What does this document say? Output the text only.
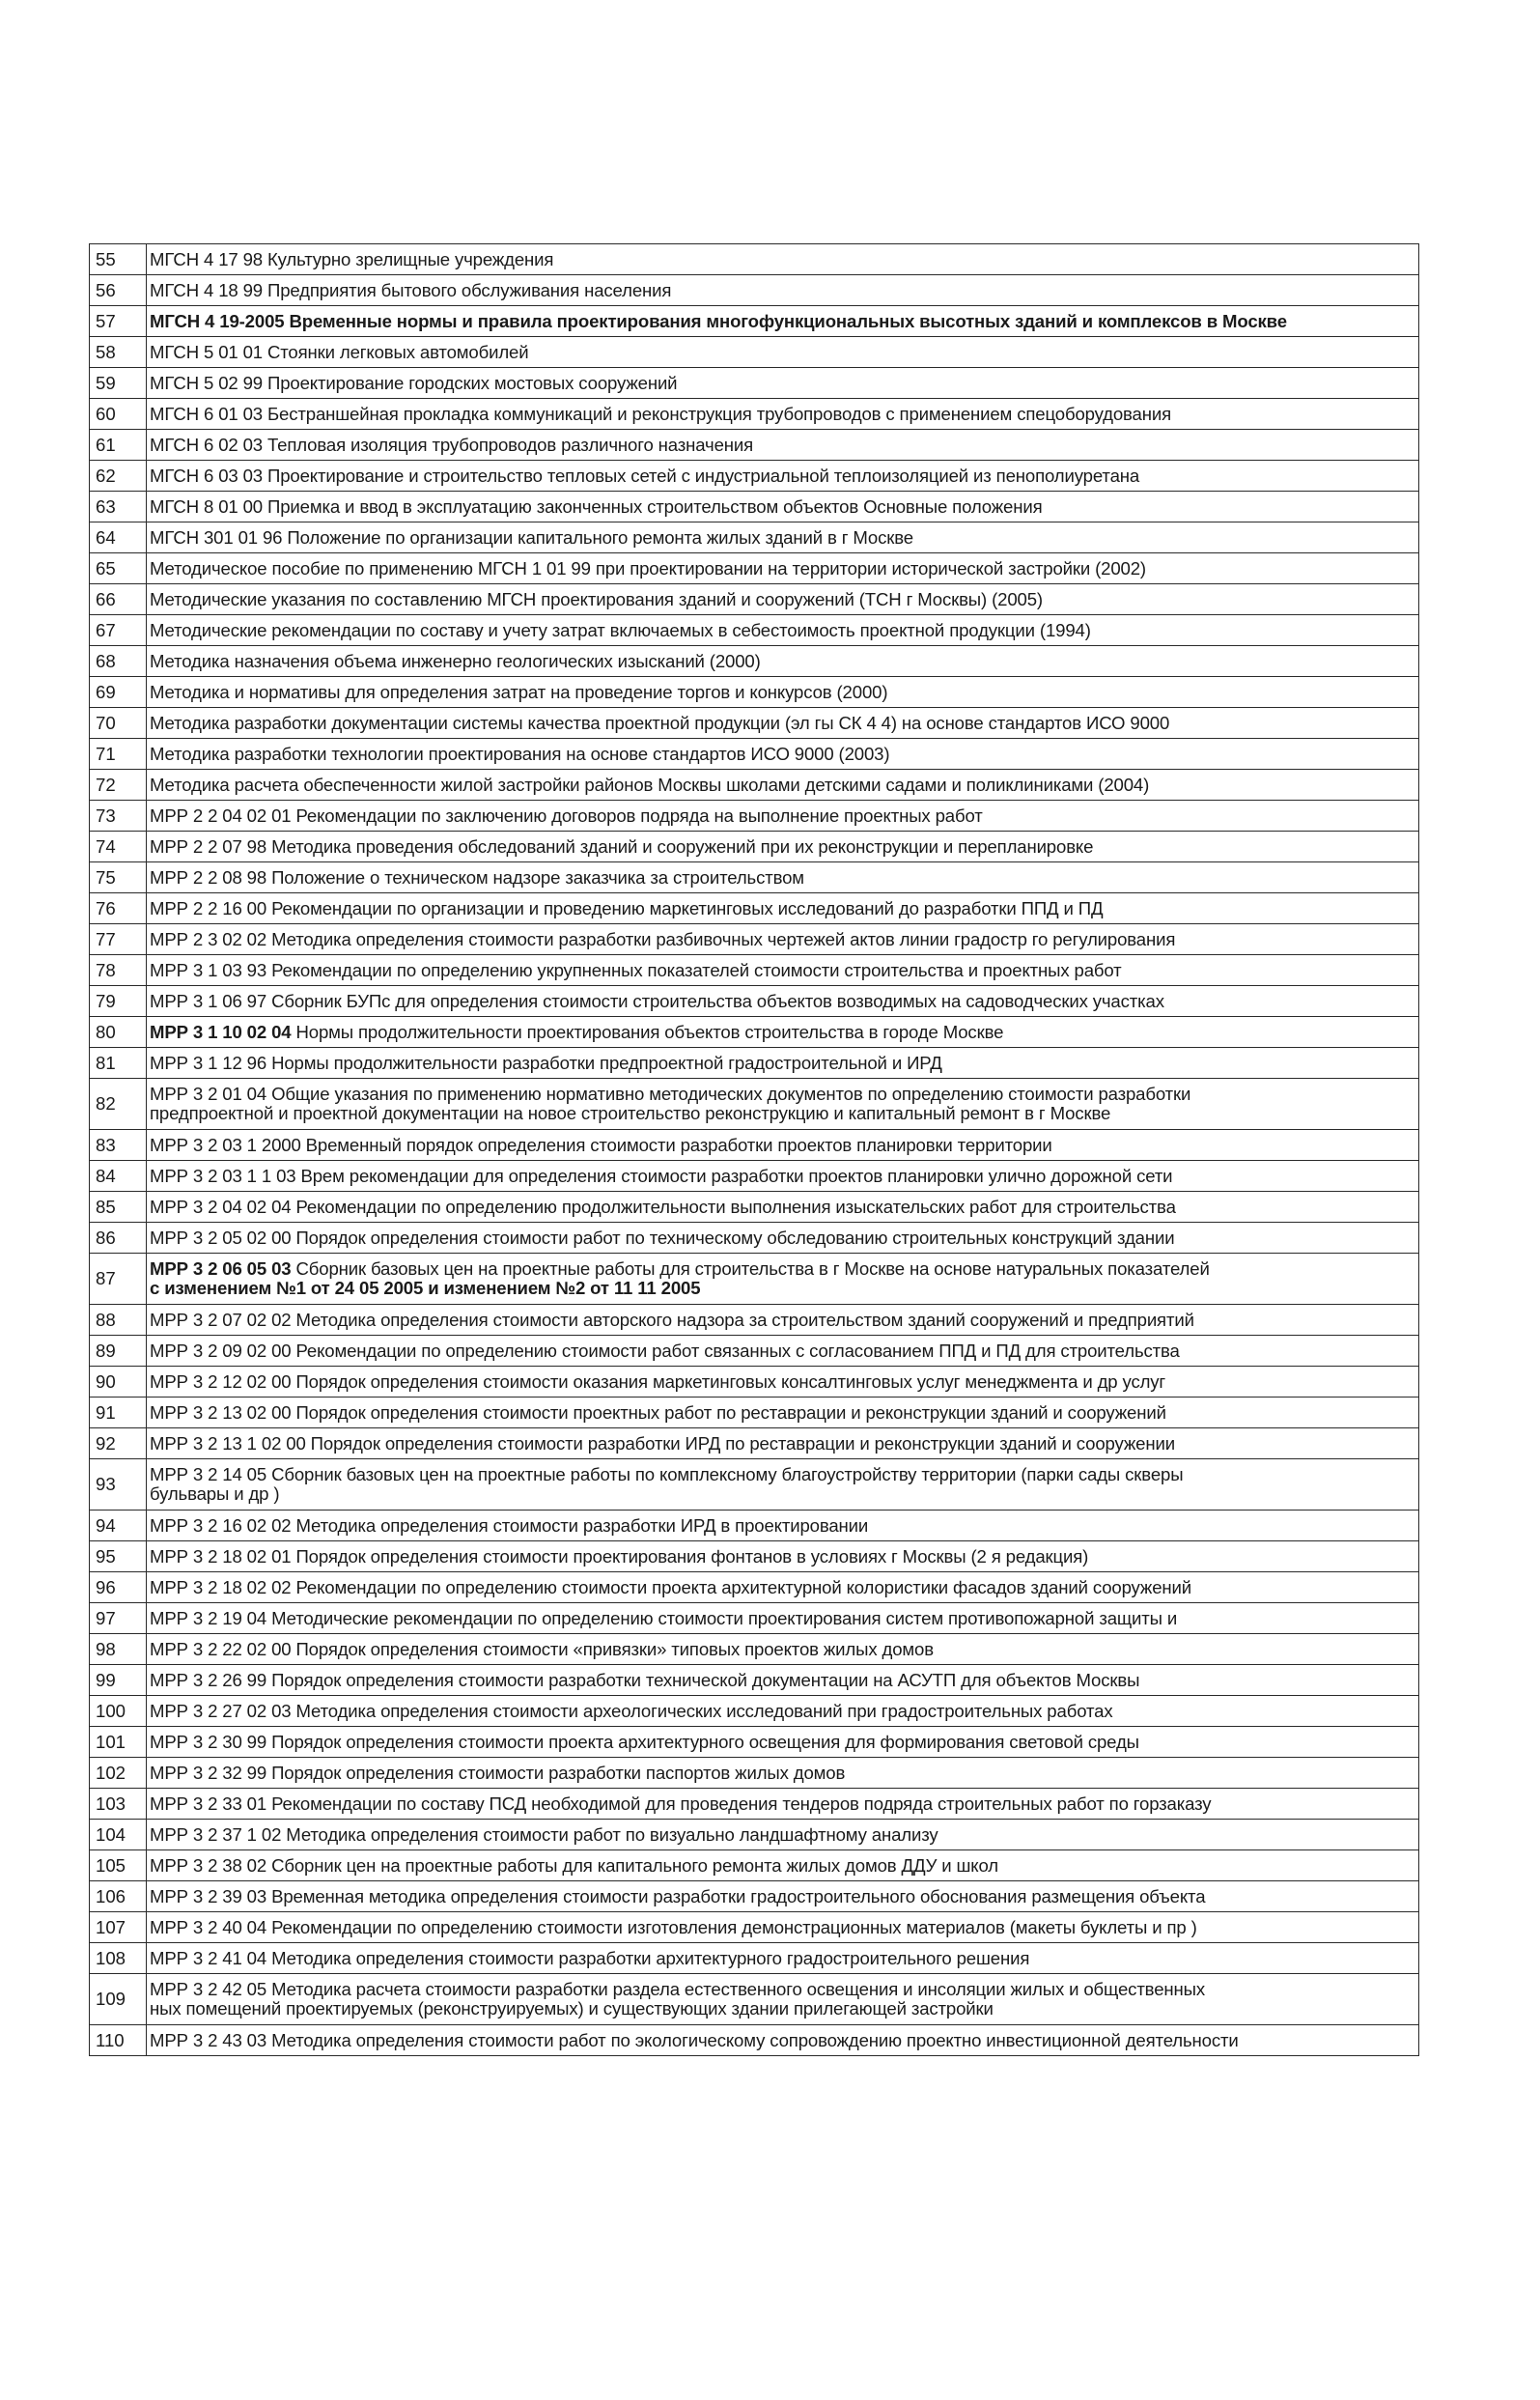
55	МГСН 4 17 98 Культурно зрелищные учреждения
56	МГСН 4 18 99 Предприятия бытового обслуживания населения
57	МГСН 4 19-2005 Временные нормы и правила проектирования многофункциональных высотных зданий и комплексов в Москве
58	МГСН 5 01 01 Стоянки легковых автомобилей
59	МГСН 5 02 99 Проектирование городских мостовых сооружений
60	МГСН 6 01 03 Бестраншейная прокладка коммуникаций и реконструкция трубопроводов с применением спецоборудования
61	МГСН 6 02 03 Тепловая изоляция трубопроводов различного назначения
62	МГСН 6 03 03 Проектирование и строительство тепловых сетей с индустриальной теплоизоляцией из пенополиуретана
63	МГСН 8 01 00 Приемка и ввод в эксплуатацию законченных строительством объектов Основные положения
64	МГСН 301 01 96 Положение по организации капитального ремонта жилых зданий в г Москве
65	Методическое пособие по применению МГСН 1 01 99 при проектировании на территории исторической застройки (2002)
66	Методические указания по составлению МГСН проектирования зданий и сооружений (ТСН г Москвы) (2005)
67	Методические рекомендации по составу и учету затрат включаемых в себестоимость проектной продукции (1994)
68	Методика назначения объема инженерно геологических изысканий (2000)
69	Методика и нормативы для определения затрат на проведение торгов и конкурсов (2000)
70	Методика разработки документации системы качества проектной продукции (эл гы СК 4 4) на основе стандартов ИСО 9000
71	Методика разработки технологии проектирования на основе стандартов ИСО 9000 (2003)
72	Методика расчета обеспеченности жилой застройки районов Москвы школами детскими садами и поликлиниками (2004)
73	МРР 2 2 04 02 01 Рекомендации по заключению договоров подряда на выполнение проектных работ
74	МРР 2 2 07 98 Методика проведения обследований зданий и сооружений при их реконструкции и перепланировке
75	МРР 2 2 08 98 Положение о техническом надзоре заказчика за строительством
76	МРР 2 2 16 00 Рекомендации по организации и проведению маркетинговых исследований до разработки ППД и ПД
77	МРР 2 3 02 02 Методика определения стоимости разработки разбивочных чертежей актов линии градостр го регулирования
78	МРР 3 1 03 93 Рекомендации по определению укрупненных показателей стоимости строительства и проектных работ
79	МРР 3 1 06 97 Сборник БУПс для определения стоимости строительства объектов возводимых на садоводческих участках
80	МРР 3 1 10 02 04 Нормы продолжительности проектирования объектов строительства в городе Москве
81	МРР 3 1 12 96 Нормы продолжительности разработки предпроектной градостроительной и ИРД
82	МРР 3 2 01 04 Общие указания по применению нормативно методических документов по определению стоимости разработки
предпроектной и проектной документации на новое строительство реконструкцию и капитальный ремонт в г Москве

83	МРР 3 2 03 1 2000 Временный порядок определения стоимости разработки проектов планировки территории
84	МРР 3 2 03 1 1 03 Врем рекомендации для определения стоимости разработки проектов планировки улично дорожной сети
85	МРР 3 2 04 02 04 Рекомендации по определению продолжительности выполнения изыскательских работ для строительства
86	МРР 3 2 05 02 00 Порядок определения стоимости работ по техническому обследованию строительных конструкций здании
87	МРР 3 2 06 05 03 Сборник базовых цен на проектные работы для строительства в г Москве на основе натуральных показателей
с изменением №1 от 24 05 2005 и изменением №2 от 11 11 2005

88	МРР 3 2 07 02 02 Методика определения стоимости авторского надзора за строительством зданий сооружений и предприятий
89	МРР 3 2 09 02 00 Рекомендации по определению стоимости работ связанных с согласованием ППД и ПД для строительства
90	МРР 3 2 12 02 00 Порядок определения стоимости оказания маркетинговых консалтинговых услуг менеджмента и др услуг
91	МРР 3 2 13 02 00 Порядок определения стоимости проектных работ по реставрации и реконструкции зданий и сооружений
92	МРР 3 2 13 1 02 00 Порядок определения стоимости разработки ИРД по реставрации и реконструкции зданий и сооружении
93	МРР 3 2 14 05 Сборник базовых цен на проектные работы по комплексному благоустройству территории (парки сады скверы
бульвары и др )

94	МРР 3 2 16 02 02 Методика определения стоимости разработки ИРД в проектировании
95	МРР 3 2 18 02 01 Порядок определения стоимости проектирования фонтанов в условиях г Москвы (2 я редакция)
96	МРР 3 2 18 02 02 Рекомендации по определению стоимости проекта архитектурной колористики фасадов зданий сооружений
97	МРР 3 2 19 04 Методические рекомендации по определению стоимости проектирования систем противопожарной защиты и
98	МРР 3 2 22 02 00 Порядок определения стоимости «привязки» типовых проектов жилых домов
99	МРР 3 2 26 99 Порядок определения стоимости разработки технической документации на АСУТП для объектов Москвы
100	МРР 3 2 27 02 03 Методика определения стоимости археологических исследований при градостроительных работах
101	МРР 3 2 30 99 Порядок определения стоимости проекта архитектурного освещения для формирования световой среды
102	МРР 3 2 32 99 Порядок определения стоимости разработки паспортов жилых домов
103	МРР 3 2 33 01 Рекомендации по составу ПСД необходимой для проведения тендеров подряда строительных работ по горзаказу
104	МРР 3 2 37 1 02 Методика определения стоимости работ по визуально ландшафтному анализу
105	МРР 3 2 38 02 Сборник цен на проектные работы для капитального ремонта жилых домов ДДУ и школ
106	МРР 3 2 39 03 Временная методика определения стоимости разработки градостроительного обоснования размещения объекта
107	МРР 3 2 40 04 Рекомендации по определению стоимости изготовления демонстрационных материалов (макеты буклеты и пр )
108	МРР 3 2 41 04 Методика определения стоимости разработки архитектурного градостроительного решения
109	МРР 3 2 42 05 Методика расчета стоимости разработки раздела естественного освещения и инсоляции жилых и общественных
ных помещений проектируемых (реконструируемых) и существующих здании прилегающей застройки

110	МРР 3 2 43 03 Методика определения стоимости работ по экологическому сопровождению проектно инвестиционной деятельности
